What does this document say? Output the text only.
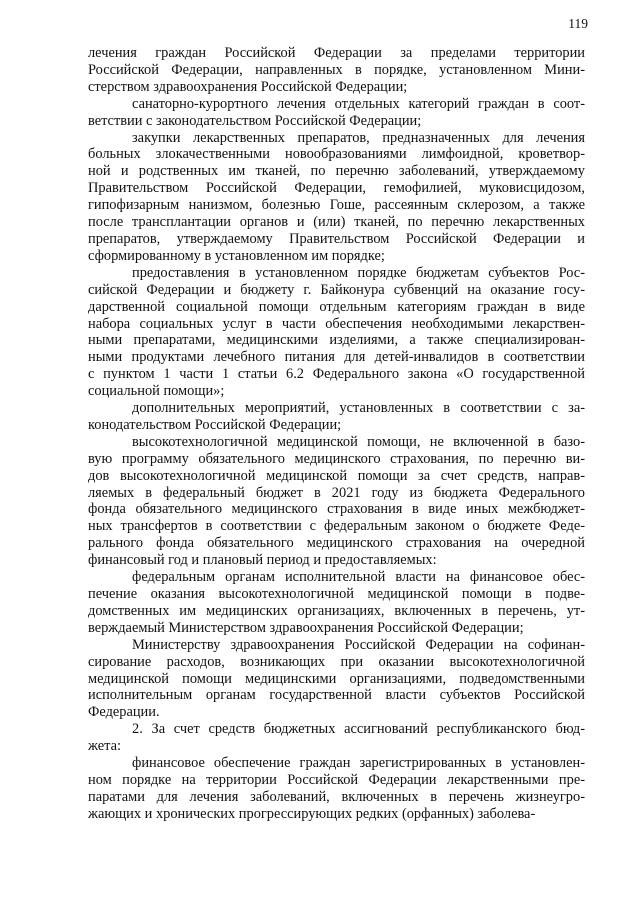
119

лечения граждан Российской Федерации за пределами территории
Российской Федерации, направленных в порядке, установленном Мини-
стерством здравоохранения Российской Федерации;

санаторно-курортного лечения отдельных категорий граждан в соот-
ветствии с законодательством Российской Федерации;

закупки лекарственных препаратов, предназначенных для лечения
больных злокачественными новообразованиями лимфоидной, кроветвор-
ной и родственных им тканей, по перечню заболеваний, утверждаемому
Правительством Российской Федерации, гемофилией, муковисцидозом,
гипофизарным нанизмом, болезнью Гоше, рассеянным склерозом, а также
после трансплантации органов и (или) тканей, по перечню лекарственных
препаратов, утверждаемому Правительством Российской Федерации и
сформированному в установленном им порядке;

предоставления в установленном порядке бюджетам субъектов Рос-
сийской Федерации и бюджету г. Байконура субвенций на оказание госу-
дарственной социальной помощи отдельным категориям граждан в виде
набора социальных услуг в части обеспечения необходимыми лекарствен-
ными препаратами, медицинскими изделиями, а также специализирован-
ными продуктами лечебного питания для детей-инвалидов в соответствии
с пунктом 1 части 1 статьи 6.2 Федерального закона «О государственной
социальной помощи»;

дополнительных мероприятий, установленных в соответствии с за-
конодательством Российской Федерации;

высокотехнологичной медицинской помощи, не включенной в базо-
вую программу обязательного медицинского страхования, по перечню ви-
дов высокотехнологичной медицинской помощи за счет средств, направ-
ляемых в федеральный бюджет в 2021 году из бюджета Федерального
фонда обязательного медицинского страхования в виде иных межбюджет-
ных трансфертов в соответствии с федеральным законом о бюджете Феде-
рального фонда обязательного медицинского страхования на очередной
финансовый год и плановый период и предоставляемых:

федеральным органам исполнительной власти на финансовое обес-
печение оказания высокотехнологичной медицинской помощи в подве-
домственных им медицинских организациях, включенных в перечень, ут-
верждаемый Министерством здравоохранения Российской Федерации;

Министерству здравоохранения Российской Федерации на софинан-
сирование расходов, возникающих при оказании высокотехнологичной
медицинской помощи медицинскими организациями, подведомственными
исполнительным органам государственной власти субъектов Российской
Федерации.

2. За счет средств бюджетных ассигнований республиканского бюд-
жета:

финансовое обеспечение граждан зарегистрированных в установлен-
ном порядке на территории Российской Федерации лекарственными пре-
паратами для лечения заболеваний, включенных в перечень жизнеугро-
жающих и хронических прогрессирующих редких (орфанных) заболева-
